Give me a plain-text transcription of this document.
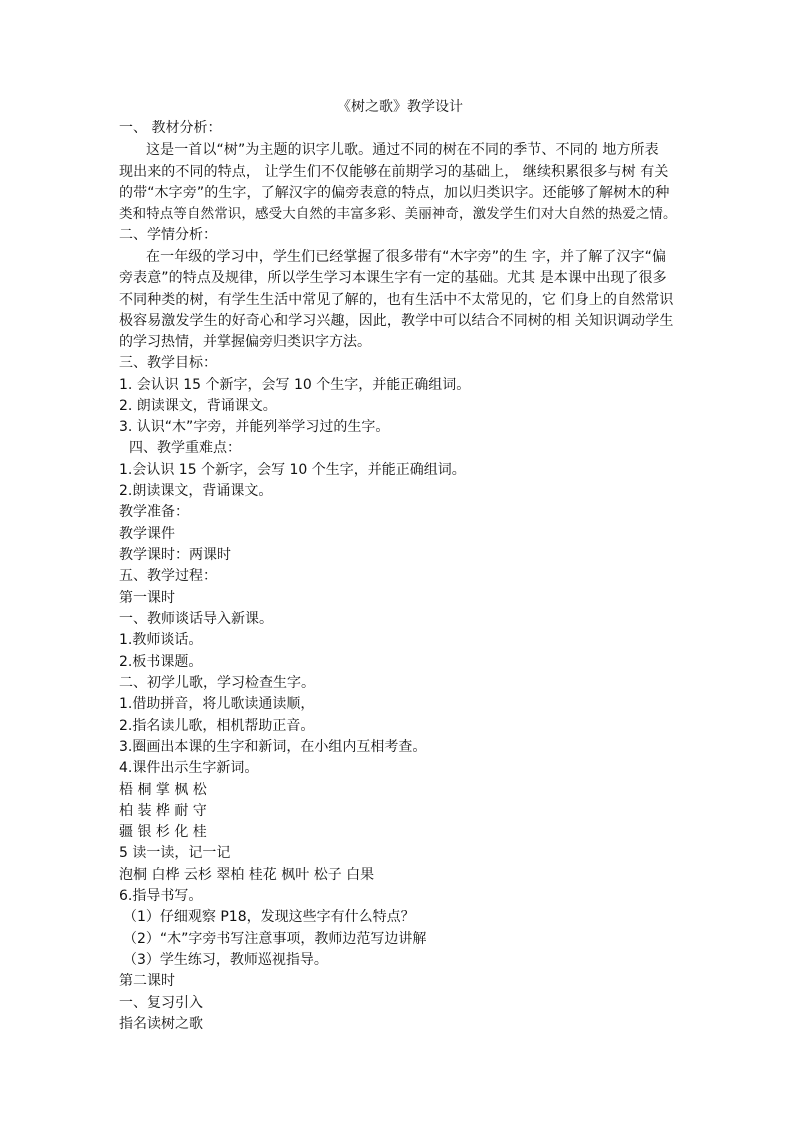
《树之歌》教学设计
一、 教材分析：
这是一首以“树”为主题的识字儿歌。通过不同的树在不同的季节、不同的 地方所表
现出来的不同的特点， 让学生们不仅能够在前期学习的基础上， 继续积累很多与树 有关
的带“木字旁”的生字，了解汉字的偏旁表意的特点，加以归类识字。还能够了解树木的种
类和特点等自然常识，感受大自然的丰富多彩、美丽神奇，激发学生们对大自然的热爱之情。
二、学情分析：
在一年级的学习中，学生们已经掌握了很多带有“木字旁”的生 字，并了解了汉字“偏
旁表意”的特点及规律，所以学生学习本课生字有一定的基础。尤其 是本课中出现了很多
不同种类的树，有学生生活中常见了解的，也有生活中不太常见的，它 们身上的自然常识
极容易激发学生的好奇心和学习兴趣，因此，教学中可以结合不同树的相 关知识调动学生
的学习热情，并掌握偏旁归类识字方法。
三、教学目标：
1. 会认识 15 个新字，会写 10 个生字，并能正确组词。
2. 朗读课文，背诵课文。
3. 认识“木”字旁，并能列举学习过的生字。
四、教学重难点：
1.会认识 15 个新字，会写 10 个生字，并能正确组词。
2.朗读课文，背诵课文。
教学准备：
教学课件
教学课时：两课时
五、教学过程：
第一课时
一、教师谈话导入新课。
1.教师谈话。
2.板书课题。
二、初学儿歌，学习检查生字。
1.借助拼音，将儿歌读通读顺，
2.指名读儿歌，相机帮助正音。
3.圈画出本课的生字和新词，在小组内互相考查。
4.课件出示生字新词。
梧 桐 掌 枫 松
柏 装 桦 耐 守
疆 银 杉 化 桂
5 读一读，记一记
泡桐 白桦 云杉 翠柏 桂花 枫叶 松子 白果
6.指导书写。
（1）仔细观察 P18，发现这些字有什么特点？
（2）“木”字旁书写注意事项，教师边范写边讲解
（3）学生练习，教师巡视指导。
第二课时
一、复习引入
指名读树之歌
